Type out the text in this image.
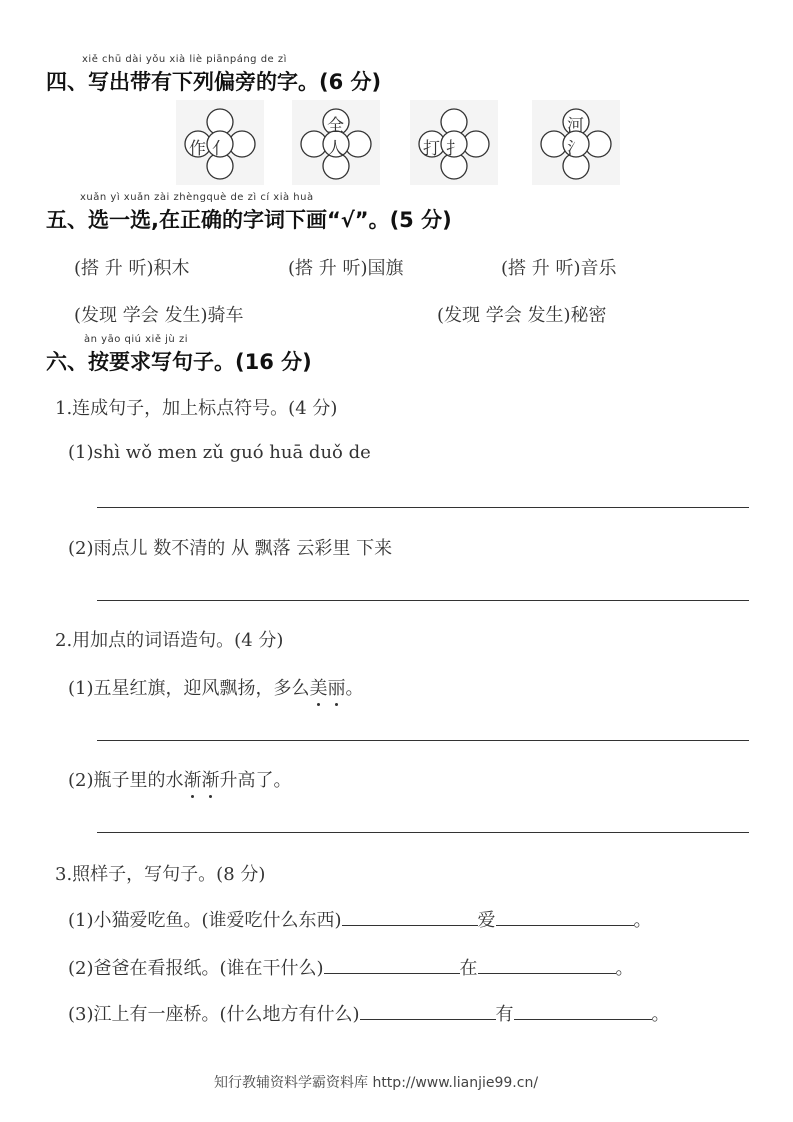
xiě chū dài yǒu xià liè piānpáng de zì
四、写出带有下列偏旁的字。(6 分)
作 亻
全
人	打 扌
河
氵
xuǎn yì xuǎn zài zhèngquè de zì cí xià huà
五、选一选,在正确的字词下画“√”。(5 分)
(搭 升 听)积木	(搭 升 听)国旗	(搭 升 听)音乐
(发现 学会 发生)骑车	(发现 学会 发生)秘密
àn yāo qiú xiě jù zi
六、按要求写句子。(16 分)
1.连成句子，加上标点符号。(4 分)
(1)shì wǒ men zǔ guó huā duǒ de
(2)雨点儿 数不清的 从 飘落 云彩里 下来
2.用加点的词语造句。(4 分)
(1)五星红旗，迎风飘扬，多么美丽。
(2)瓶子里的水渐渐升高了。
3.照样子，写句子。(8 分)
(1)小猫爱吃鱼。(谁爱吃什么东西)	爱	。
(2)爸爸在看报纸。(谁在干什么)	在	。
(3)江上有一座桥。(什么地方有什么)	有	。
知行教辅资料学霸资料库 http://www.lianjie99.cn/
